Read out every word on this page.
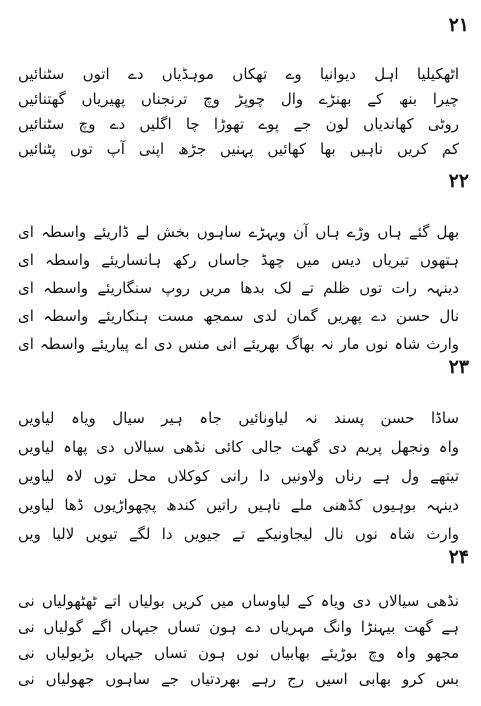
۲۱
اٹھکیلیا اہل دیوانیا وے تھکاں موہڈیاں دے اتوں سٹنائیں
چیرا بنھ کے بھنڑے وال چوپڑ وچ ترنجناں پھیریاں گھتنائیں
روٹی کھاندیاں لون جے پوے تھوڑا چا اگلیں دے وچ سٹنائیں
کم کریں ناہیں بھا کھائیں پہنیں جڑھ اپنی آپ توں پٹنائیں
۲۲
بھل گئے ہاں وڑے ہاں آن ویہڑے ساہوں بخش لے ڈاریئے واسطہ ای
ہتھوں تیریاں دیس میں چھڈ جاساں رکھ ہانساریئے واسطہ ای
دینہہ رات توں ظلم تے لک بدھا مریں روپ سنگاریئے واسطہ ای
نال حسن دے پھریں گمان لدی سمجھ مست ہنکاریئے واسطہ ای
وارث شاہ نوں مار نہ بھاگ بھریئے انی منس دی اے پیاریئے واسطہ ای
۲۳
ساڈا حسن پسند نہ لیاونائیں جاہ ہیر سیال ویاہ لیاویں
واہ ونجھل پریم دی گھت جالی کائی نڈھی سیالاں دی پھاہ لیاویں
تیتھے ول ہے رناں ولاونیں دا رانی کوکلاں محل توں لاہ لیاویں
دینہہ بوہیوں کڈھنی ملے ناہیں راتیں کندھ پچھواڑیوں ڈھا لیاویں
وارث شاہ نوں نال لیجاونیکے تے جیویں دا لگے تیویں لالیا ویں
۲۴
نڈھی سیالاں دی ویاہ کے لیاوساں میں کریں بولیاں اتے ٹھٹھولیاں نی
ہے گھت بیہنڑا وانگ مہریاں دے ہون تساں جیہاں اگے گولیاں نی
مجھو واہ وچ بوڑیئے بھابیاں نوں ہون تساں جیہاں بڑبولیاں نی
بس کرو بھابی اسیں رج رہے بھردتیاں جے ساہوں جھولیاں نی
